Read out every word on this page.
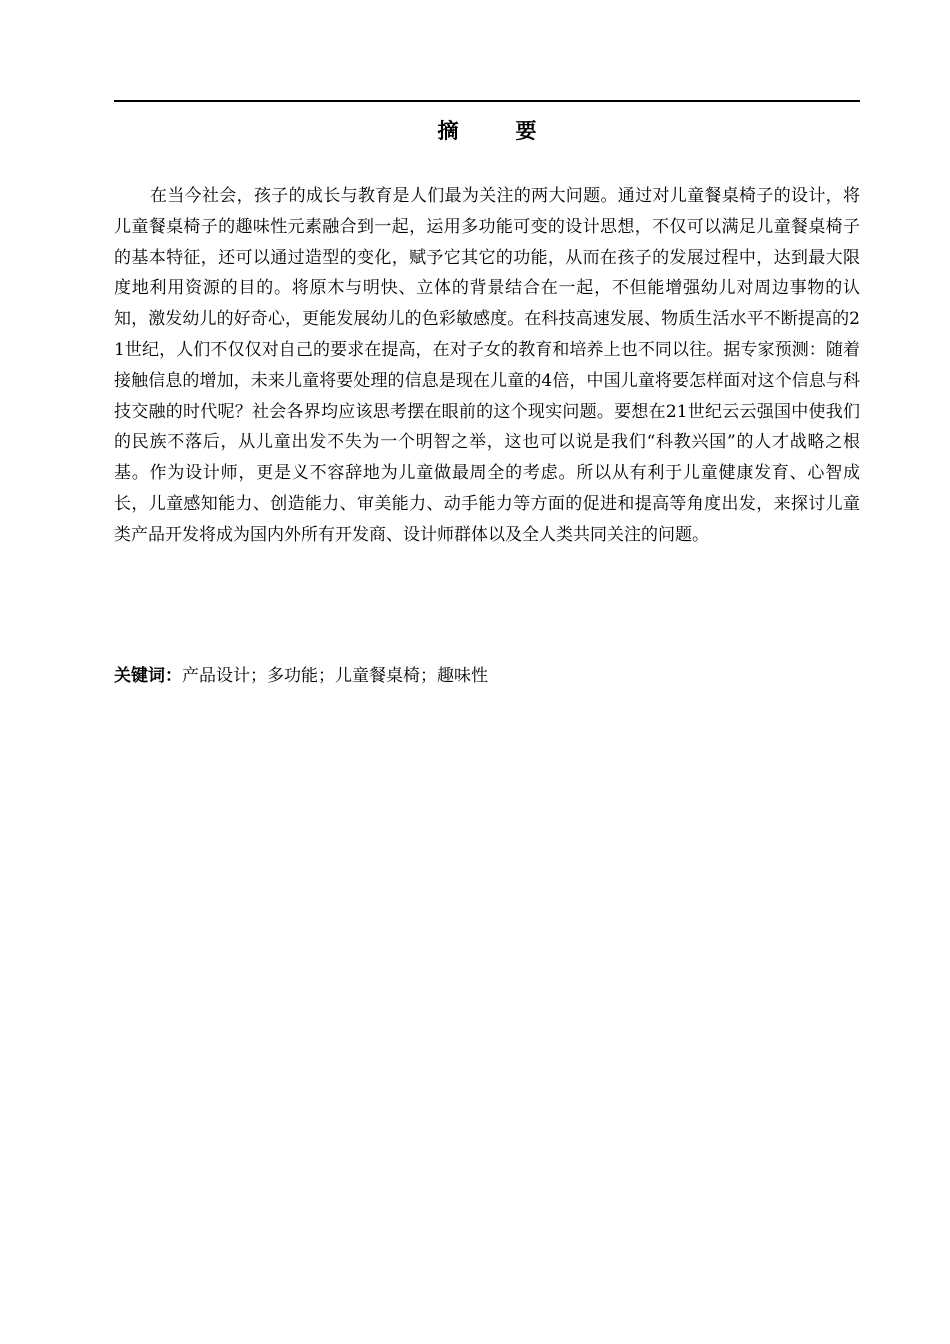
摘　要

在当今社会，孩子的成长与教育是人们最为关注的两大问题。通过对儿童餐桌椅子的设计，将儿童餐桌椅子的趣味性元素融合到一起，运用多功能可变的设计思想，不仅可以满足儿童餐桌椅子的基本特征，还可以通过造型的变化，赋予它其它的功能，从而在孩子的发展过程中，达到最大限度地利用资源的目的。将原木与明快、立体的背景结合在一起，不但能增强幼儿对周边事物的认知，激发幼儿的好奇心，更能发展幼儿的色彩敏感度。在科技高速发展、物质生活水平不断提高的21世纪，人们不仅仅对自己的要求在提高，在对子女的教育和培养上也不同以往。据专家预测：随着接触信息的增加，未来儿童将要处理的信息是现在儿童的4倍，中国儿童将要怎样面对这个信息与科技交融的时代呢？社会各界均应该思考摆在眼前的这个现实问题。要想在21世纪云云强国中使我们的民族不落后，从儿童出发不失为一个明智之举，这也可以说是我们“科教兴国”的人才战略之根基。作为设计师，更是义不容辞地为儿童做最周全的考虑。所以从有利于儿童健康发育、心智成长，儿童感知能力、创造能力、审美能力、动手能力等方面的促进和提高等角度出发，来探讨儿童类产品开发将成为国内外所有开发商、设计师群体以及全人类共同关注的问题。

关键词：产品设计；多功能；儿童餐桌椅；趣味性
